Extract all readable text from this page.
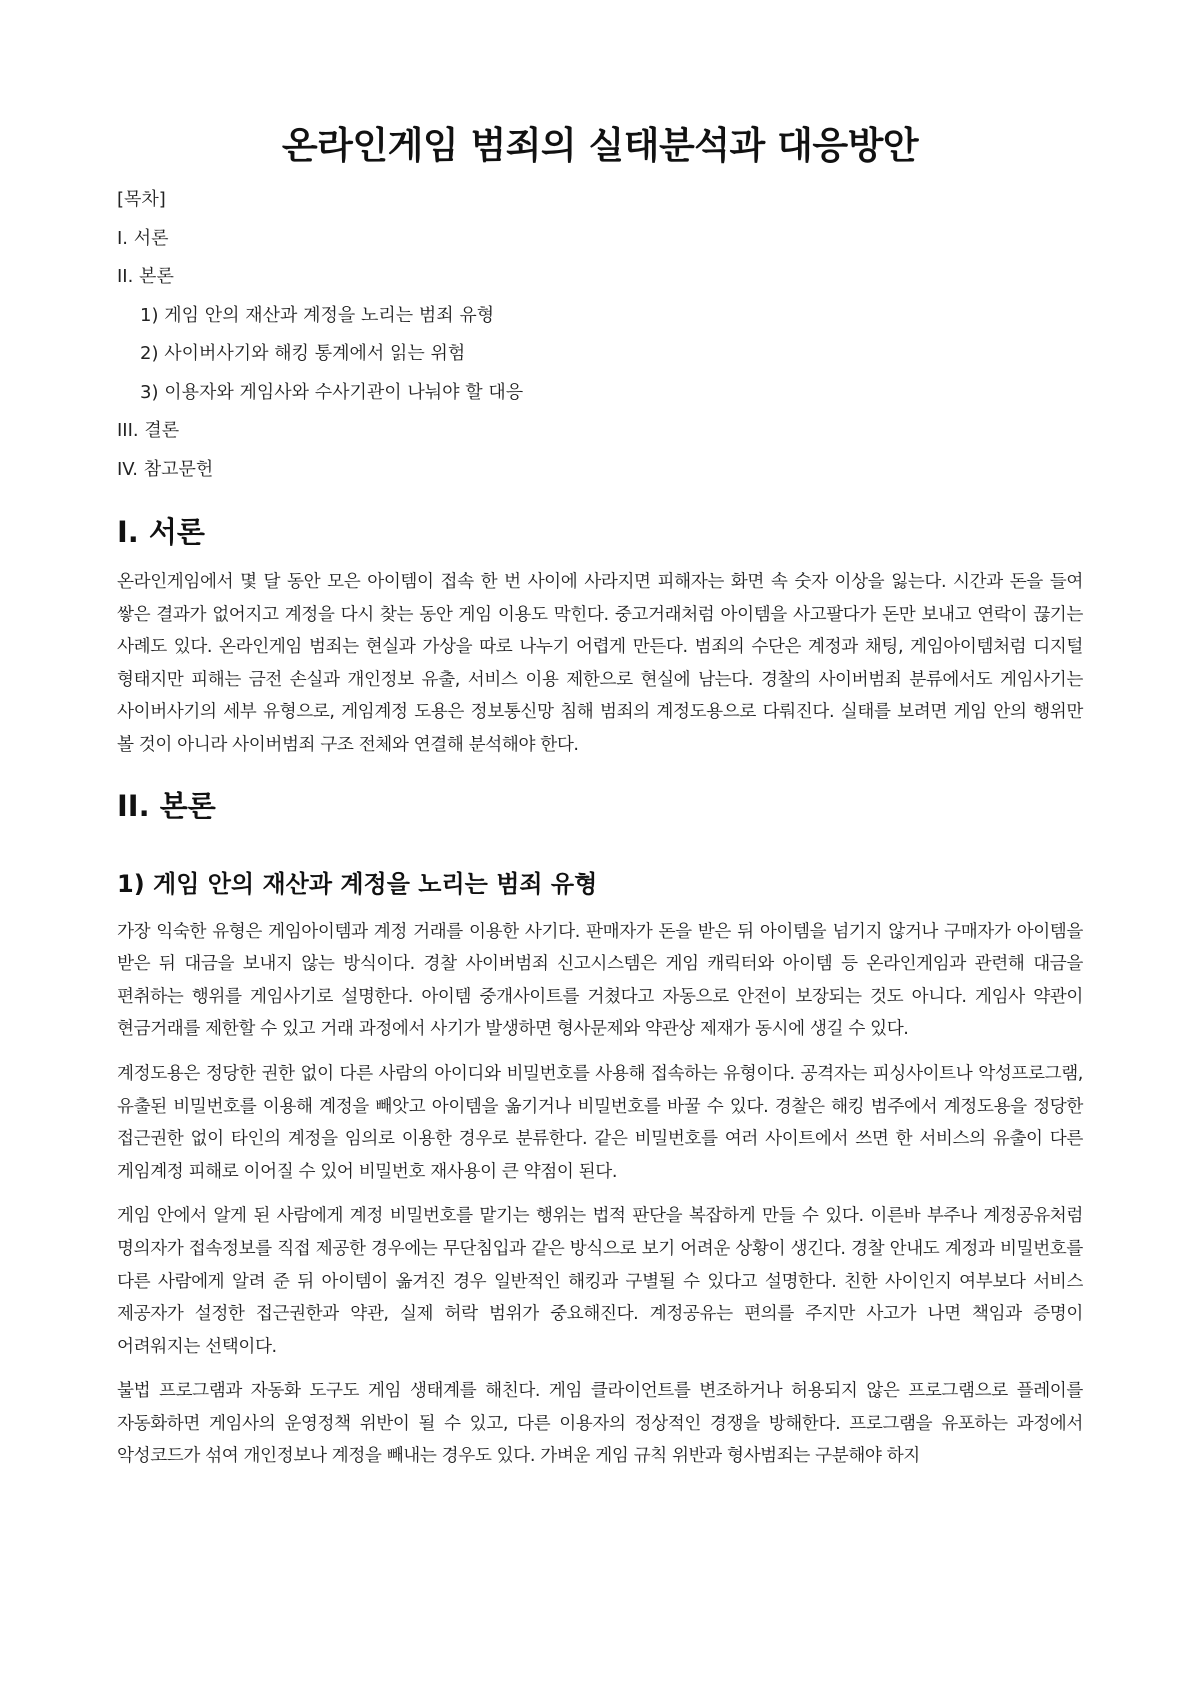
온라인게임 범죄의 실태분석과 대응방안
[목차]
I. 서론
II. 본론
1) 게임 안의 재산과 계정을 노리는 범죄 유형
2) 사이버사기와 해킹 통계에서 읽는 위험
3) 이용자와 게임사와 수사기관이 나눠야 할 대응
III. 결론
IV. 참고문헌
I. 서론

온라인게임에서 몇 달 동안 모은 아이템이 접속 한 번 사이에 사라지면 피해자는 화면 속 숫자 이상을 잃는다. 시간과 돈을 들여 쌓은 결과가 없어지고 계정을 다시 찾는 동안 게임 이용도 막힌다. 중고거래처럼 아이템을 사고팔다가 돈만 보내고 연락이 끊기는 사례도 있다. 온라인게임 범죄는 현실과 가상을 따로 나누기 어렵게 만든다. 범죄의 수단은 계정과 채팅, 게임아이템처럼 디지털 형태지만 피해는 금전 손실과 개인정보 유출, 서비스 이용 제한으로 현실에 남는다. 경찰의 사이버범죄 분류에서도 게임사기는 사이버사기의 세부 유형으로, 게임계정 도용은 정보통신망 침해 범죄의 계정도용으로 다뤄진다. 실태를 보려면 게임 안의 행위만 볼 것이 아니라 사이버범죄 구조 전체와 연결해 분석해야 한다.

II. 본론
1) 게임 안의 재산과 계정을 노리는 범죄 유형

가장 익숙한 유형은 게임아이템과 계정 거래를 이용한 사기다. 판매자가 돈을 받은 뒤 아이템을 넘기지 않거나 구매자가 아이템을 받은 뒤 대금을 보내지 않는 방식이다. 경찰 사이버범죄 신고시스템은 게임 캐릭터와 아이템 등 온라인게임과 관련해 대금을 편취하는 행위를 게임사기로 설명한다. 아이템 중개사이트를 거쳤다고 자동으로 안전이 보장되는 것도 아니다. 게임사 약관이 현금거래를 제한할 수 있고 거래 과정에서 사기가 발생하면 형사문제와 약관상 제재가 동시에 생길 수 있다.

계정도용은 정당한 권한 없이 다른 사람의 아이디와 비밀번호를 사용해 접속하는 유형이다. 공격자는 피싱사이트나 악성프로그램, 유출된 비밀번호를 이용해 계정을 빼앗고 아이템을 옮기거나 비밀번호를 바꿀 수 있다. 경찰은 해킹 범주에서 계정도용을 정당한 접근권한 없이 타인의 계정을 임의로 이용한 경우로 분류한다. 같은 비밀번호를 여러 사이트에서 쓰면 한 서비스의 유출이 다른 게임계정 피해로 이어질 수 있어 비밀번호 재사용이 큰 약점이 된다.

게임 안에서 알게 된 사람에게 계정 비밀번호를 맡기는 행위는 법적 판단을 복잡하게 만들 수 있다. 이른바 부주나 계정공유처럼 명의자가 접속정보를 직접 제공한 경우에는 무단침입과 같은 방식으로 보기 어려운 상황이 생긴다. 경찰 안내도 계정과 비밀번호를 다른 사람에게 알려 준 뒤 아이템이 옮겨진 경우 일반적인 해킹과 구별될 수 있다고 설명한다. 친한 사이인지 여부보다 서비스 제공자가 설정한 접근권한과 약관, 실제 허락 범위가 중요해진다. 계정공유는 편의를 주지만 사고가 나면 책임과 증명이 어려워지는 선택이다.

불법 프로그램과 자동화 도구도 게임 생태계를 해친다. 게임 클라이언트를 변조하거나 허용되지 않은 프로그램으로 플레이를 자동화하면 게임사의 운영정책 위반이 될 수 있고, 다른 이용자의 정상적인 경쟁을 방해한다. 프로그램을 유포하는 과정에서 악성코드가 섞여 개인정보나 계정을 빼내는 경우도 있다. 가벼운 게임 규칙 위반과 형사범죄는 구분해야 하지
